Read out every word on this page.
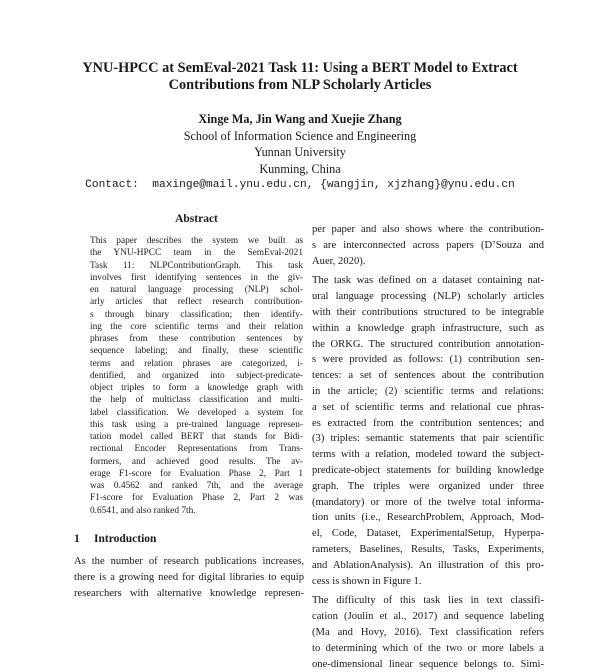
YNU-HPCC at SemEval-2021 Task 11: Using a BERT Model to Extract
Contributions from NLP Scholarly Articles
Xinge Ma, Jin Wang and Xuejie Zhang
School of Information Science and Engineering
Yunnan University
Kunming, China
Contact:  maxinge@mail.ynu.edu.cn, {wangjin, xjzhang}@ynu.edu.cn
Abstract
This paper describes the system we built as
the YNU-HPCC team in the SemEval-2021
Task 11: NLPContributionGraph. This task
involves first identifying sentences in the giv-
en natural language processing (NLP) schol-
arly articles that reflect research contribution-
s through binary classification; then identify-
ing the core scientific terms and their relation
phrases from these contribution sentences by
sequence labeling; and finally, these scientific
terms and relation phrases are categorized, i-
dentified, and organized into subject-predicate-
object triples to form a knowledge graph with
the help of multiclass classification and multi-
label classification. We developed a system for
this task using a pre-trained language represen-
tation model called BERT that stands for Bidi-
rectional Encoder Representations from Trans-
formers, and achieved good results. The av-
erage F1-score for Evaluation Phase 2, Part 1
was 0.4562 and ranked 7th, and the average
F1-score for Evaluation Phase 2, Part 2 was
0.6541, and also ranked 7th.
1 Introduction
As the number of research publications increases,
there is a growing need for digital libraries to equip
researchers with alternative knowledge represen-
per paper and also shows where the contribution-
s are interconnected across papers (D’Souza and
Auer, 2020).
The task was defined on a dataset containing nat-
ural language processing (NLP) scholarly articles
with their contributions structured to be integrable
within a knowledge graph infrastructure, such as
the ORKG. The structured contribution annotation-
s were provided as follows: (1) contribution sen-
tences: a set of sentences about the contribution
in the article; (2) scientific terms and relations:
a set of scientific terms and relational cue phras-
es extracted from the contribution sentences; and
(3) triples: semantic statements that pair scientific
terms with a relation, modeled toward the subject-
predicate-object statements for building knowledge
graph. The triples were organized under three
(mandatory) or more of the twelve total informa-
tion units (i.e., ResearchProblem, Approach, Mod-
el, Code, Dataset, ExperimentalSetup, Hyperpa-
rameters, Baselines, Results, Tasks, Experiments,
and AblationAnalysis). An illustration of this pro-
cess is shown in Figure 1.
The difficulty of this task lies in text classifi-
cation (Joulin et al., 2017) and sequence labeling
(Ma and Hovy, 2016). Text classification refers
to determining which of the two or more labels a
one-dimensional linear sequence belongs to. Simi-
